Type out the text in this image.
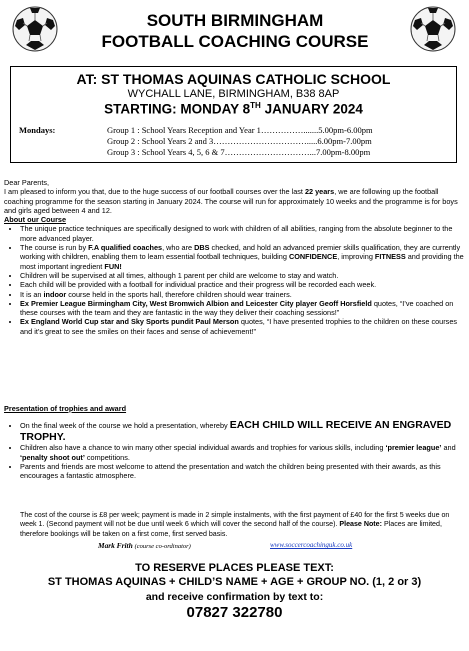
SOUTH BIRMINGHAM
FOOTBALL COACHING COURSE
AT: ST THOMAS AQUINAS CATHOLIC SCHOOL
WYCHALL LANE, BIRMINGHAM, B38 8AP
STARTING: MONDAY 8TH JANUARY 2024
Mondays:	Group 1 : School Years Reception and Year 1…………….......5.00pm-6.00pm
Group 2 : School Years 2 and 3…………………………….....6.00pm-7.00pm
Group 3 : School Years 4, 5, 6 & 7…………………………...7.00pm-8.00pm

Dear Parents,

I am pleased to inform you that, due to the huge success of our football courses over the last 22 years, we are following up the football coaching programme for the season starting in January 2024. The course will run for approximately 10 weeks and the programme is for boys and girls aged between 4 and 12.

About our Course

• The unique practice techniques are specifically designed to work with children of all abilities, ranging from the absolute beginner to the more advanced player.
• The course is run by F.A qualified coaches, who are DBS checked, and hold an advanced premier skills qualification, they are currently working with children, enabling them to learn essential football techniques, building CONFIDENCE, improving FITNESS and providing the most important ingredient FUN!
• Children will be supervised at all times, although 1 parent per child are welcome to stay and watch.
• Each child will be provided with a football for individual practice and their progress will be recorded each week.
• It is an indoor course held in the sports hall, therefore children should wear trainers.
• Ex Premier League Birmingham City, West Bromwich Albion and Leicester City player Geoff Horsfield quotes, “I’ve coached on these courses with the team and they are fantastic in the way they deliver their coaching sessions!”
• Ex England World Cup star and Sky Sports pundit Paul Merson quotes, “I have presented trophies to the children on these courses and it’s great to see the smiles on their faces and sense of achievement!”

Presentation of trophies and award

• On the final week of the course we hold a presentation, whereby EACH CHILD WILL RECEIVE AN ENGRAVED TROPHY.
• Children also have a chance to win many other special individual awards and trophies for various skills, including ‘premier league’ and ‘penalty shoot out’ competitions.
• Parents and friends are most welcome to attend the presentation and watch the children being presented with their awards, as this encourages a fantastic atmosphere.
The cost of the course is £8 per week; payment is made in 2 simple instalments, with the first payment of £40 for the first 5 weeks due on week 1. (Second payment will not be due until week 6 which will cover the second half of the course). Please Note: Places are limited, therefore bookings will be taken on a first come, first served basis.
Mark Frith (course co-ordinator)	www.soccercoachinguk.co.uk
TO RESERVE PLACES PLEASE TEXT:
ST THOMAS AQUINAS + CHILD’S NAME + AGE + GROUP NO. (1, 2 or 3)
and receive confirmation by text to:
07827 322780
